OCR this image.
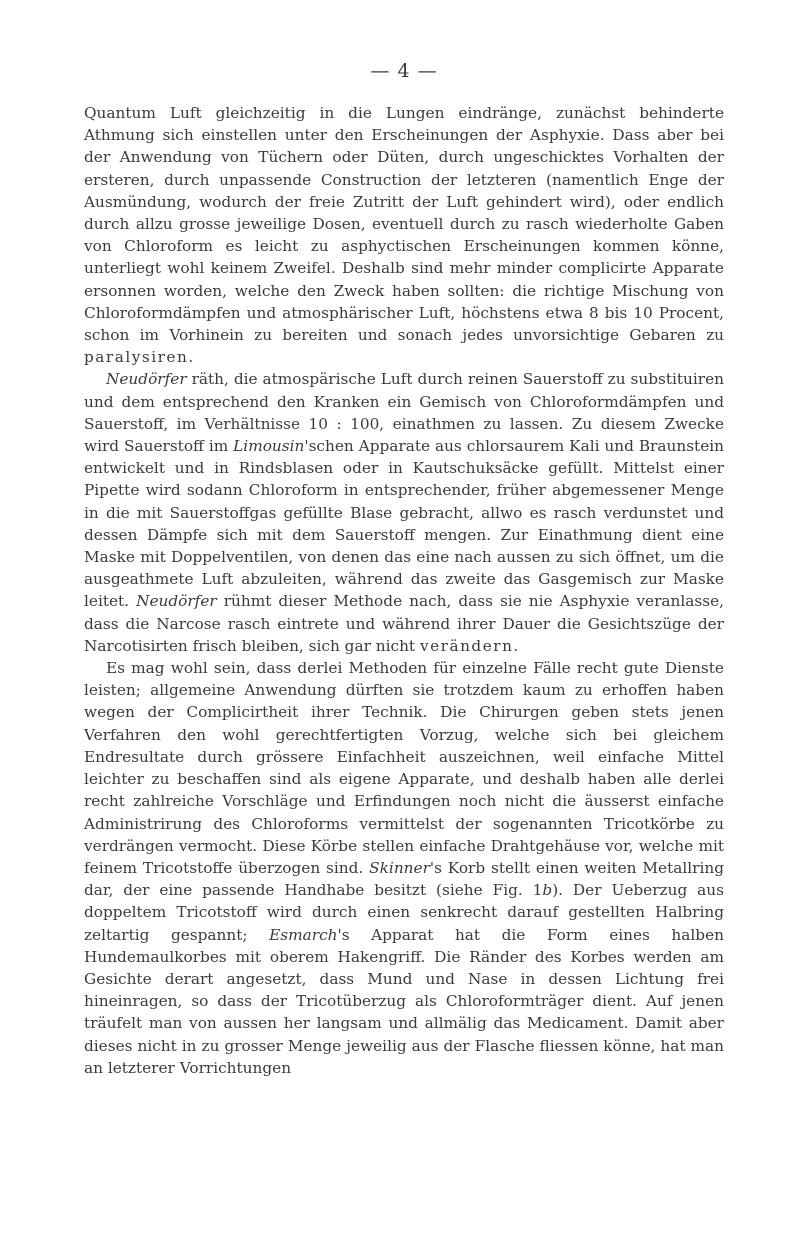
— 4 —

Quantum Luft gleichzeitig in die Lungen eindränge, zunächst behinderte Athmung sich einstellen unter den Erscheinungen der Asphyxie. Dass aber bei der Anwendung von Tüchern oder Düten, durch ungeschicktes Vorhalten der ersteren, durch unpassende Construction der letzteren (namentlich Enge der Ausmündung, wodurch der freie Zutritt der Luft gehindert wird), oder endlich durch allzu grosse jeweilige Dosen, eventuell durch zu rasch wiederholte Gaben von Chloroform es leicht zu asphyctischen Erscheinungen kommen könne, unterliegt wohl keinem Zweifel. Deshalb sind mehr minder complicirte Apparate ersonnen worden, welche den Zweck haben sollten: die richtige Mischung von Chloroformdämpfen und atmosphärischer Luft, höchstens etwa 8 bis 10 Procent, schon im Vorhinein zu bereiten und sonach jedes unvorsichtige Gebaren zu paralysiren.

Neudörfer räth, die atmospärische Luft durch reinen Sauerstoff zu substituiren und dem entsprechend den Kranken ein Gemisch von Chloroformdämpfen und Sauerstoff, im Verhältnisse 10 : 100, einathmen zu lassen. Zu diesem Zwecke wird Sauerstoff im Limousin'schen Apparate aus chlorsaurem Kali und Braunstein entwickelt und in Rindsblasen oder in Kautschuksäcke gefüllt. Mittelst einer Pipette wird sodann Chloroform in entsprechender, früher abgemessener Menge in die mit Sauerstoffgas gefüllte Blase gebracht, allwo es rasch verdunstet und dessen Dämpfe sich mit dem Sauerstoff mengen. Zur Einathmung dient eine Maske mit Doppelventilen, von denen das eine nach aussen zu sich öffnet, um die ausgeathmete Luft abzuleiten, während das zweite das Gasgemisch zur Maske leitet. Neudörfer rühmt dieser Methode nach, dass sie nie Asphyxie veranlasse, dass die Narcose rasch eintrete und während ihrer Dauer die Gesichtszüge der Narcotisirten frisch bleiben, sich gar nicht verändern.

Es mag wohl sein, dass derlei Methoden für einzelne Fälle recht gute Dienste leisten; allgemeine Anwendung dürften sie trotzdem kaum zu erhoffen haben wegen der Complicirtheit ihrer Technik. Die Chirurgen geben stets jenen Verfahren den wohl gerechtfertigten Vorzug, welche sich bei gleichem Endresultate durch grössere Einfachheit auszeichnen, weil einfache Mittel leichter zu beschaffen sind als eigene Apparate, und deshalb haben alle derlei recht zahlreiche Vorschläge und Erfindungen noch nicht die äusserst einfache Administrirung des Chloroforms vermittelst der sogenannten Tricotkörbe zu verdrängen vermocht. Diese Körbe stellen einfache Drahtgehäuse vor, welche mit feinem Tricotstoffe überzogen sind. Skinner's Korb stellt einen weiten Metallring dar, der eine passende Handhabe besitzt (siehe Fig. 1b). Der Ueberzug aus doppeltem Tricotstoff wird durch einen senkrecht darauf gestellten Halbring zeltartig gespannt; Esmarch's Apparat hat die Form eines halben Hundemaulkorbes mit oberem Hakengriff. Die Ränder des Korbes werden am Gesichte derart angesetzt, dass Mund und Nase in dessen Lichtung frei hineinragen, so dass der Tricotüberzug als Chloroformträger dient. Auf jenen träufelt man von aussen her langsam und allmälig das Medicament. Damit aber dieses nicht in zu grosser Menge jeweilig aus der Flasche fliessen könne, hat man an letzterer Vorrichtungen
